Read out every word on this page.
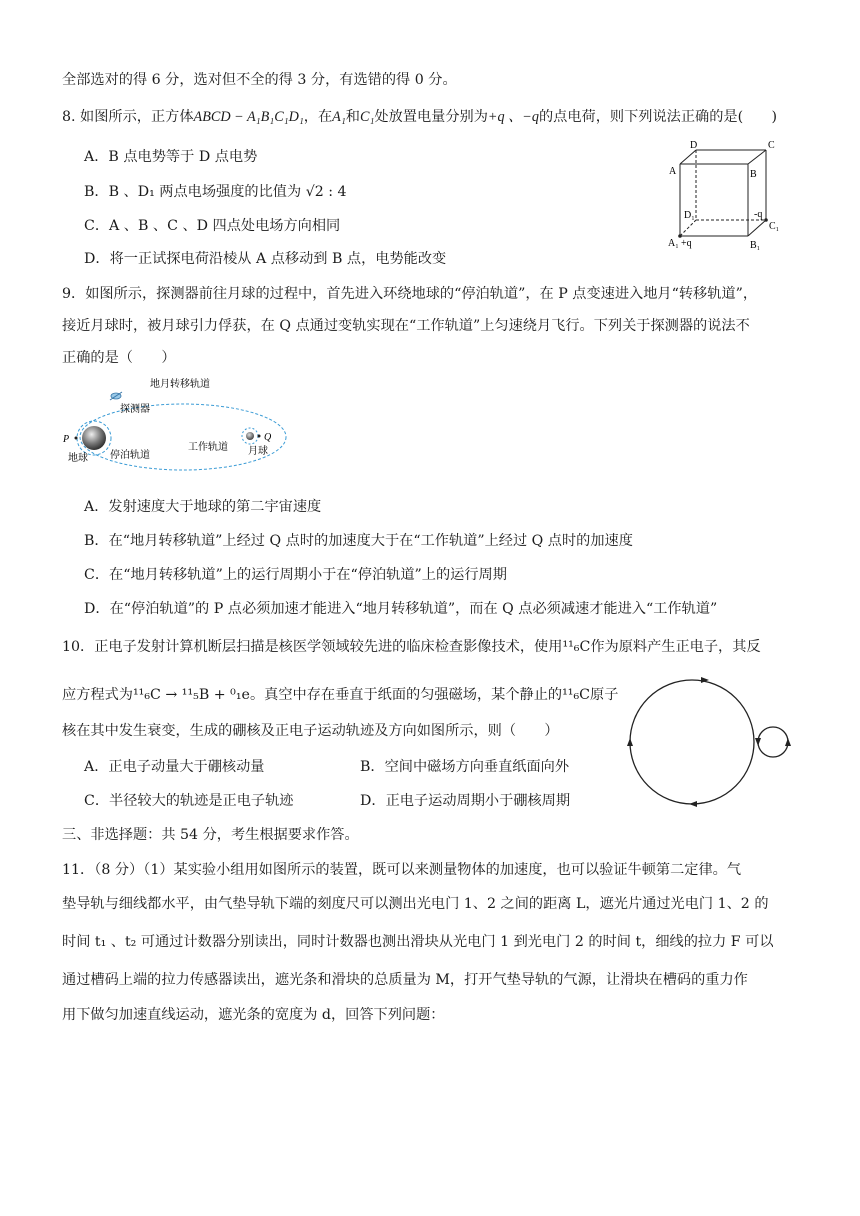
全部选对的得 6 分，选对但不全的得 3 分，有选错的得 0 分。
8. 如图所示，正方体ABCD − A₁B₁C₁D₁，在A₁和C₁处放置电量分别为+q 、−q的点电荷，则下列说法正确的是(　　)
A．B 点电势等于 D 点电势
B．B 、D₁ 两点电场强度的比值为 √2 : 4
C．A 、B 、C 、D 四点处电场方向相同
D．将一正试探电荷沿棱从 A 点移动到 B 点，电势能改变
D	C
A	B
D₁	-q
C₁
A₁ +q	B₁
9．如图所示，探测器前往月球的过程中，首先进入环绕地球的“停泊轨道”，在 P 点变速进入地月“转移轨道”，
接近月球时，被月球引力俘获，在 Q 点通过变轨实现在“工作轨道”上匀速绕月飞行。下列关于探测器的说法不
正确的是（　　）
地月转移轨道
探测器
P
地球 停泊轨道
工作轨道
Q
月球
A．发射速度大于地球的第二宇宙速度
B．在“地月转移轨道”上经过 Q 点时的加速度大于在“工作轨道”上经过 Q 点时的加速度
C．在“地月转移轨道”上的运行周期小于在“停泊轨道”上的运行周期
D．在“停泊轨道”的 P 点必须加速才能进入“地月转移轨道”，而在 Q 点必须减速才能进入“工作轨道”
10．正电子发射计算机断层扫描是核医学领域较先进的临床检查影像技术，使用¹¹₆C作为原料产生正电子，其反
应方程式为¹¹₆C → ¹¹₅B + ⁰₁e。真空中存在垂直于纸面的匀强磁场，某个静止的¹¹₆C原子
核在其中发生衰变，生成的硼核及正电子运动轨迹及方向如图所示，则（　　）
A．正电子动量大于硼核动量	B．空间中磁场方向垂直纸面向外
C．半径较大的轨迹是正电子轨迹	D．正电子运动周期小于硼核周期
三、非选择题：共 54 分，考生根据要求作答。
11．（8 分）（1）某实验小组用如图所示的装置，既可以来测量物体的加速度，也可以验证牛顿第二定律。气
垫导轨与细线都水平，由气垫导轨下端的刻度尺可以测出光电门 1、2 之间的距离 L，遮光片通过光电门 1、2 的
时间 t₁ 、t₂ 可通过计数器分别读出，同时计数器也测出滑块从光电门 1 到光电门 2 的时间 t，细线的拉力 F 可以
通过槽码上端的拉力传感器读出，遮光条和滑块的总质量为 M，打开气垫导轨的气源，让滑块在槽码的重力作
用下做匀加速直线运动，遮光条的宽度为 d，回答下列问题：
